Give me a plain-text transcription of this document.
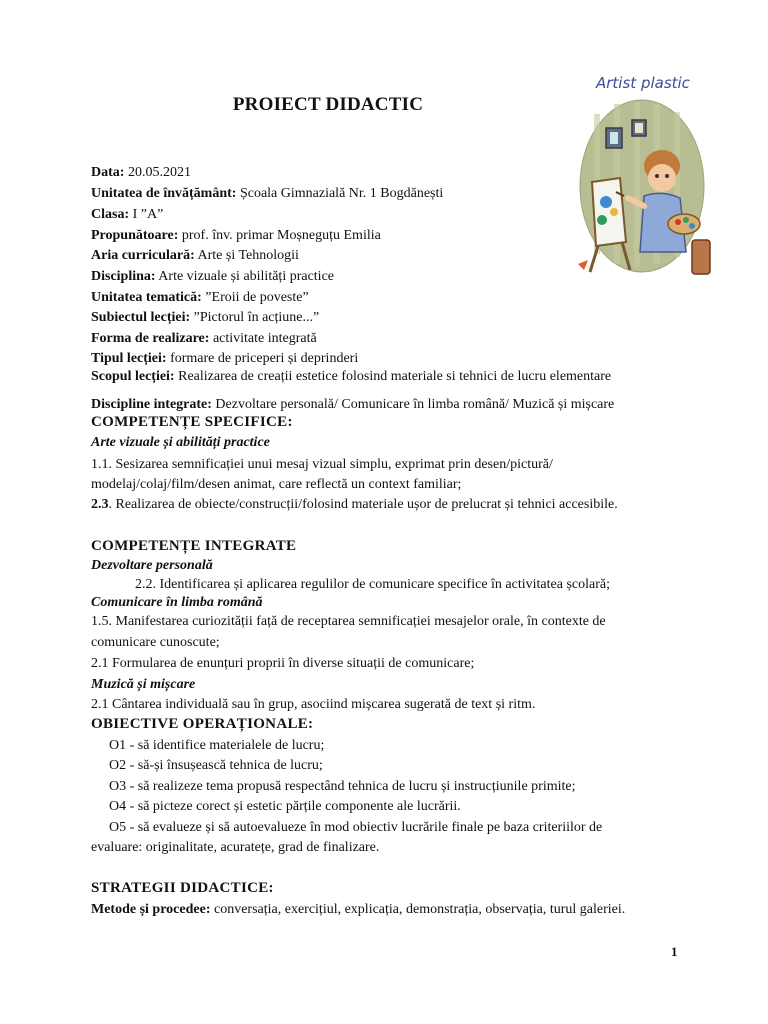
PROIECT DIDACTIC
Artist plastic
Data: 20.05.2021
Unitatea de învățământ: Școala Gimnazială Nr. 1 Bogdănești
Clasa: I ”A”
Propunătoare: prof. înv. primar Moșneguțu Emilia
Aria curriculară: Arte și Tehnologii
Disciplina: Arte vizuale și abilități practice
Unitatea tematică: ”Eroii de poveste”
Subiectul lecției: ”Pictorul în acțiune...”
Forma de realizare: activitate integrată
Tipul lecției: formare de priceperi și deprinderi
Scopul lecției: Realizarea de creații estetice folosind materiale si tehnici de lucru elementare
Discipline integrate: Dezvoltare personală/ Comunicare în limba română/ Muzică și mișcare
COMPETENȚE SPECIFICE:
Arte vizuale și abilități practice
1.1. Sesizarea semnificației unui mesaj vizual simplu, exprimat prin desen/pictură/
modelaj/colaj/film/desen animat, care reflectă un context familiar;
2.3. Realizarea de obiecte/construcții/folosind materiale ușor de prelucrat și tehnici accesibile.
COMPETENȚE INTEGRATE
Dezvoltare personală
2.2. Identificarea și aplicarea regulilor de comunicare specifice în activitatea școlară;
Comunicare în limba română
1.5. Manifestarea curiozității față de receptarea semnificației mesajelor orale, în contexte de
comunicare cunoscute;
2.1 Formularea de enunțuri proprii în diverse situații de comunicare;
Muzică și mișcare
2.1 Cântarea individuală sau în grup, asociind mișcarea sugerată de text și ritm.
OBIECTIVE OPERAȚIONALE:
O1 - să identifice materialele de lucru;
O2 - să-și însușească tehnica de lucru;
O3 - să realizeze tema propusă respectând tehnica de lucru și instrucțiunile primite;
O4 - să picteze corect și estetic părțile componente ale lucrării.
O5 - să evalueze și să autoevalueze în mod obiectiv lucrările finale pe baza criteriilor de
evaluare: originalitate, acuratețe, grad de finalizare.
STRATEGII DIDACTICE:
Metode și procedee: conversația, exercițiul, explicația, demonstrația, observația, turul galeriei.
1
